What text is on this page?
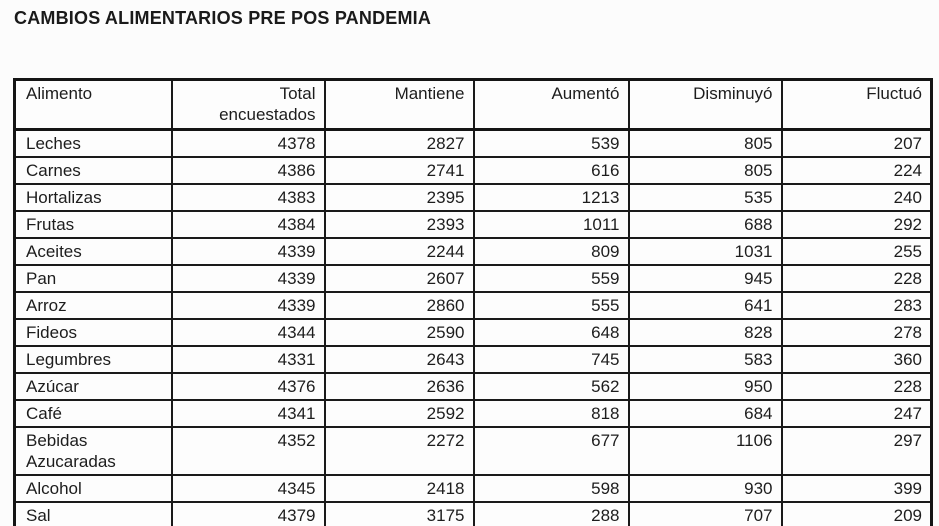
CAMBIOS ALIMENTARIOS PRE POS PANDEMIA
Alimento	Total encuestados	Mantiene	Aumentó	Disminuyó	Fluctuó
Leches	4378	2827	539	805	207
Carnes	4386	2741	616	805	224
Hortalizas	4383	2395	1213	535	240
Frutas	4384	2393	1011	688	292
Aceites	4339	2244	809	1031	255
Pan	4339	2607	559	945	228
Arroz	4339	2860	555	641	283
Fideos	4344	2590	648	828	278
Legumbres	4331	2643	745	583	360
Azúcar	4376	2636	562	950	228
Café	4341	2592	818	684	247
Bebidas Azucaradas	4352	2272	677	1106	297
Alcohol	4345	2418	598	930	399
Sal	4379	3175	288	707	209
